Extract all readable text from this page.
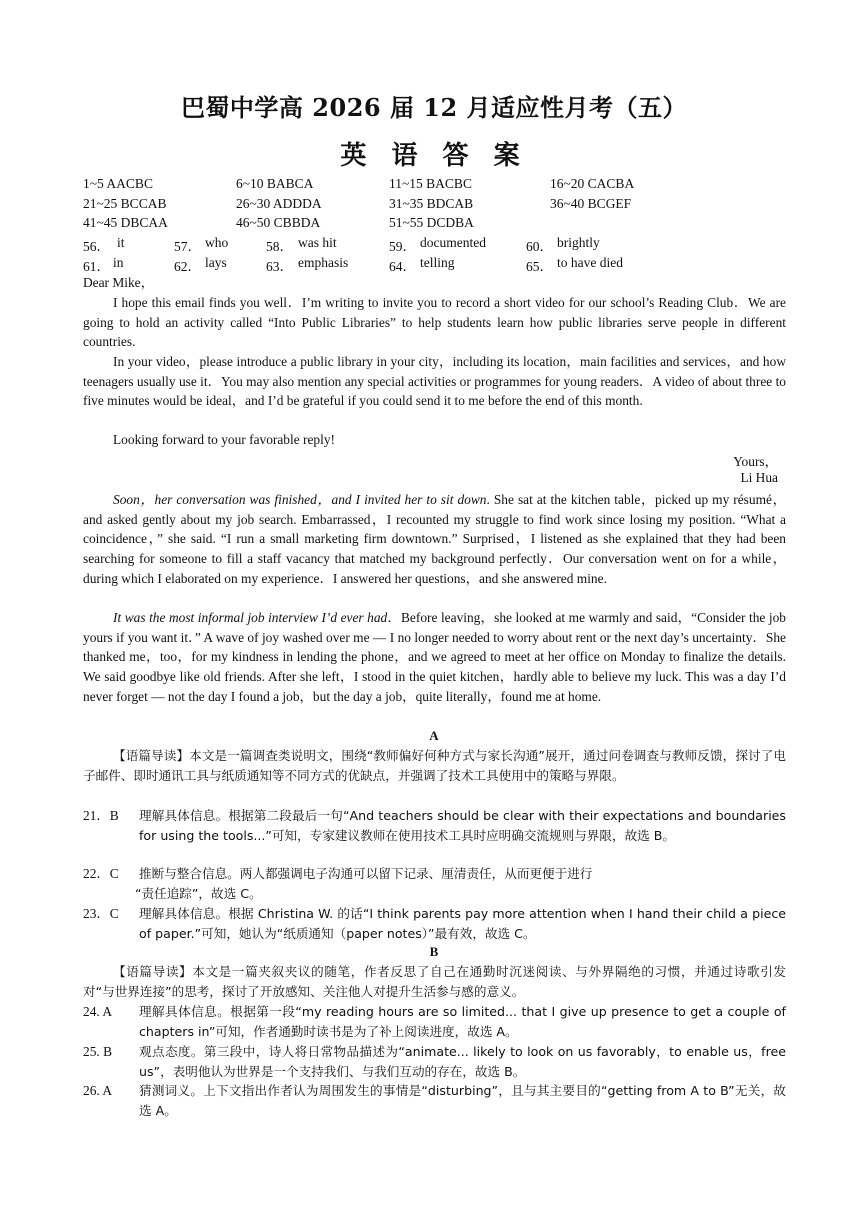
巴蜀中学高 2026 届 12 月适应性月考（五）
英 语 答 案
1~5 AACBC	6~10 BABCA	11~15 BACBC	16~20 CACBA
21~25 BCCAB	26~30 ADDDA	31~35 BDCAB	36~40 BCGEF
41~45 DBCAA	46~50 CBBDA	51~55 DCDBA
56． it	57． who	58． was hit	59． documented	60． brightly
61． in	62． lays	63． emphasis	64． telling	65． to have died

Dear Mike，

I hope this email finds you well．I’m writing to invite you to record a short video for our school’s Reading Club．We are going to hold an activity called “Into Public Libraries” to help students learn how public libraries serve people in different countries.

In your video，please introduce a public library in your city，including its location，main facilities and services，and how teenagers usually use it．You may also mention any special activities or programmes for young readers．A video of about three to five minutes would be ideal，and I’d be grateful if you could send it to me before the end of this month.

Looking forward to your favorable reply!

Yours，
Li Hua

Soon，her conversation was finished，and I invited her to sit down. She sat at the kitchen table，picked up my résumé，and asked gently about my job search. Embarrassed，I recounted my struggle to find work since losing my position. “What a coincidence，” she said. “I run a small marketing firm downtown.” Surprised，I listened as she explained that they had been searching for someone to fill a staff vacancy that matched my background perfectly．Our conversation went on for a while，during which I elaborated on my experience．I answered her questions，and she answered mine.

It was the most informal job interview I’d ever had．Before leaving，she looked at me warmly and said，“Consider the job yours if you want it．” A wave of joy washed over me — I no longer needed to worry about rent or the next day’s uncertainty．She thanked me，too，for my kindness in lending the phone，and we agreed to meet at her office on Monday to finalize the details. We said goodbye like old friends. After she left，I stood in the quiet kitchen，hardly able to believe my luck. This was a day I’d never forget — not the day I found a job，but the day a job，quite literally，found me at home.

A

【语篇导读】本文是一篇调查类说明文，围绕“教师偏好何种方式与家长沟通”展开，通过问卷调查与教师反馈，探讨了电子邮件、即时通讯工具与纸质通知等不同方式的优缺点，并强调了技术工具使用中的策略与界限。

21．B 理解具体信息。根据第二段最后一句“And teachers should be clear with their expectations and boundaries for using the tools...”可知，专家建议教师在使用技术工具时应明确交流规则与界限，故选 B。
22．C 推断与整合信息。两人都强调电子沟通可以留下记录、厘清责任，从而更便于进行
“责任追踪”，故选 C。
23．C 理解具体信息。根据 Christina W. 的话“I think parents pay more attention when I hand their child a piece of paper.”可知，她认为“纸质通知（paper notes）”最有效，故选 C。
B

【语篇导读】本文是一篇夹叙夹议的随笔，作者反思了自己在通勤时沉迷阅读、与外界隔绝的习惯，并通过诗歌引发对“与世界连接”的思考，探讨了开放感知、关注他人对提升生活参与感的意义。

24. A 理解具体信息。根据第一段“my reading hours are so limited... that I give up presence to get a couple of chapters in”可知，作者通勤时读书是为了补上阅读进度，故选 A。
25. B 观点态度。第三段中，诗人将日常物品描述为“animate... likely to look on us favorably，to enable us，free us”，表明他认为世界是一个支持我们、与我们互动的存在，故选 B。
26. A 猜测词义。上下文指出作者认为周围发生的事情是“disturbing”，且与其主要目的“getting from A to B”无关，故选 A。
